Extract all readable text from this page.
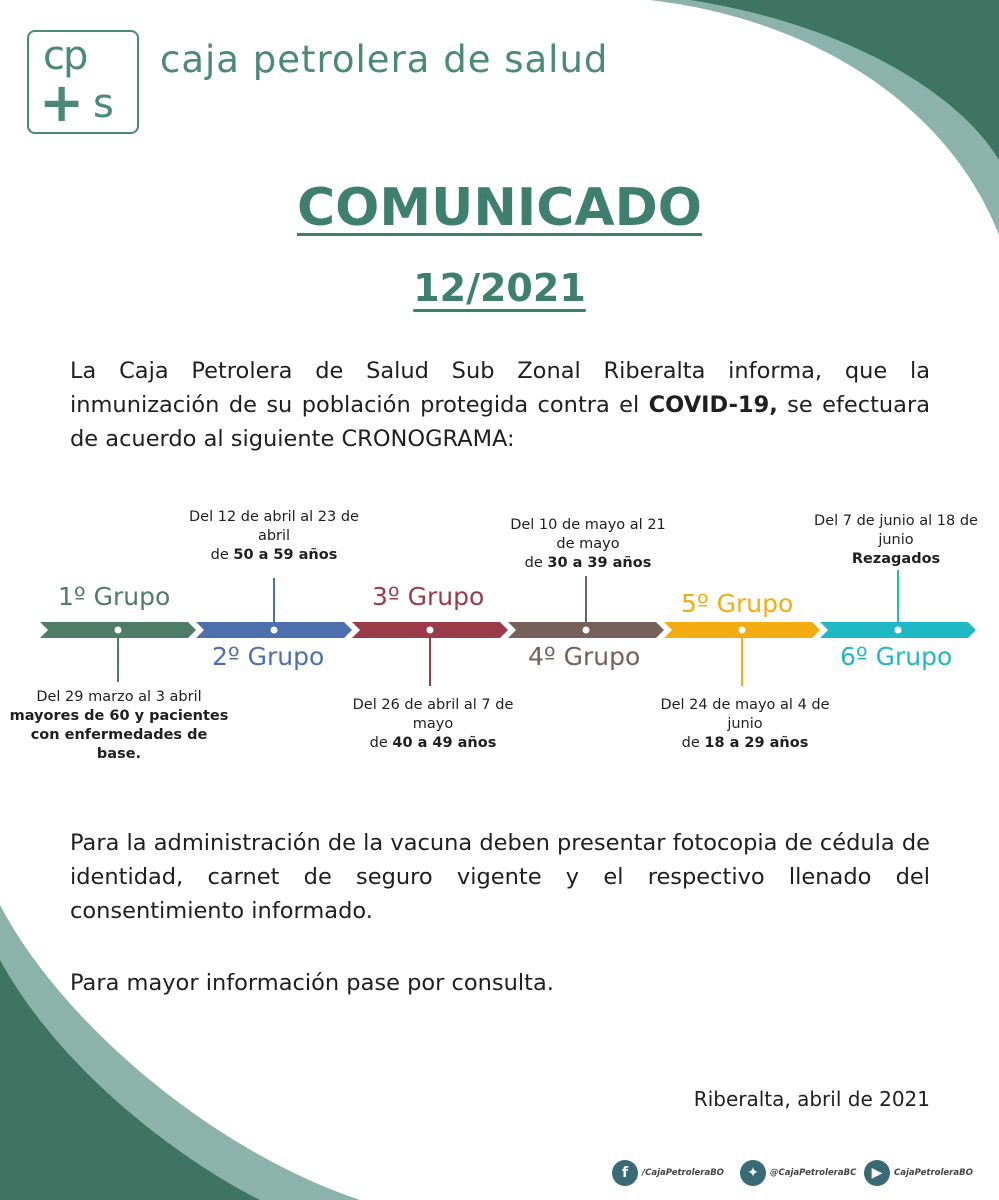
cp
+ s
caja petrolera de salud
COMUNICADO
12/2021
La Caja Petrolera de Salud Sub Zonal Riberalta informa, que la inmunización de su población protegida contra el COVID-19, se efectuara de acuerdo al siguiente CRONOGRAMA:
1º Grupo
2º Grupo
3º Grupo
4º Grupo
5º Grupo
6º Grupo
Del 29 marzo al 3 abril
mayores de 60 y pacientes con enfermedades de base.
Del 12 de abril al 23 de abril
de 50 a 59 años
Del 26 de abril al 7 de mayo
de 40 a 49 años
Del 10 de mayo al 21 de mayo
de 30 a 39 años
Del 24 de mayo al 4 de junio
de 18 a 29 años
Del 7 de junio al 18 de junio
Rezagados
Para la administración de la vacuna deben presentar fotocopia de cédula de identidad, carnet de seguro vigente y el respectivo llenado del consentimiento informado.
Para mayor información pase por consulta.
Riberalta, abril de 2021
f	/CajaPetroleraBO	✦	@CajaPetroleraBC	▶	CajaPetroleraBO
